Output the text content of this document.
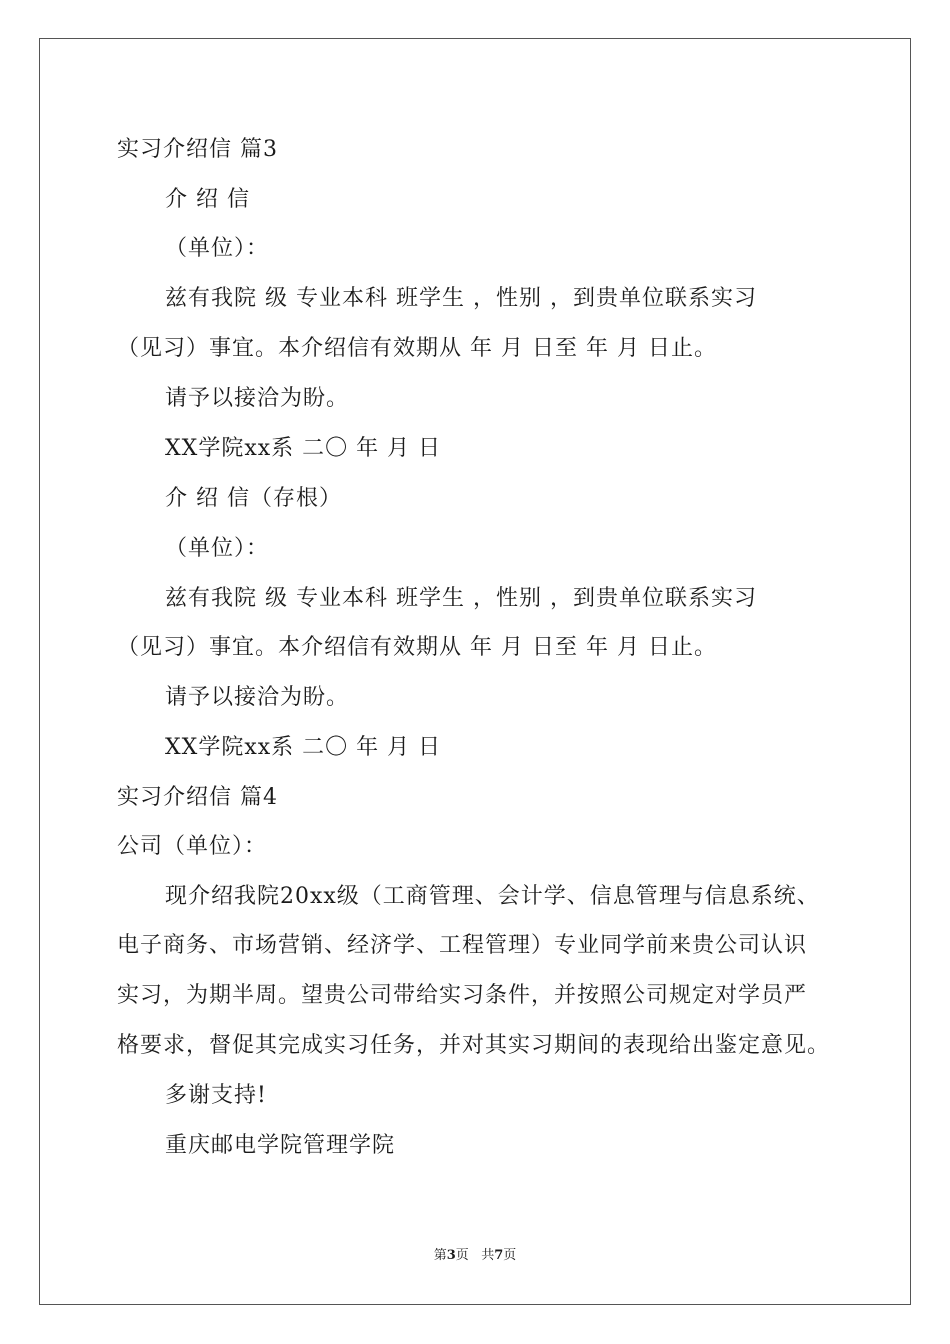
实习介绍信 篇3
介 绍 信
（单位）：
兹有我院 级 专业本科 班学生 ，性别 ，到贵单位联系实习
（见习）事宜。本介绍信有效期从 年 月 日至 年 月 日止。
请予以接洽为盼。
XX学院xx系 二〇 年 月 日
介 绍 信（存根）
（单位）：
兹有我院 级 专业本科 班学生 ，性别 ，到贵单位联系实习
（见习）事宜。本介绍信有效期从 年 月 日至 年 月 日止。
请予以接洽为盼。
XX学院xx系 二〇 年 月 日
实习介绍信 篇4
公司（单位）：
现介绍我院20xx级（工商管理、会计学、信息管理与信息系统、
电子商务、市场营销、经济学、工程管理）专业同学前来贵公司认识
实习，为期半周。望贵公司带给实习条件，并按照公司规定对学员严
格要求，督促其完成实习任务，并对其实习期间的表现给出鉴定意见。
多谢支持!
重庆邮电学院管理学院
第3页 共7页
